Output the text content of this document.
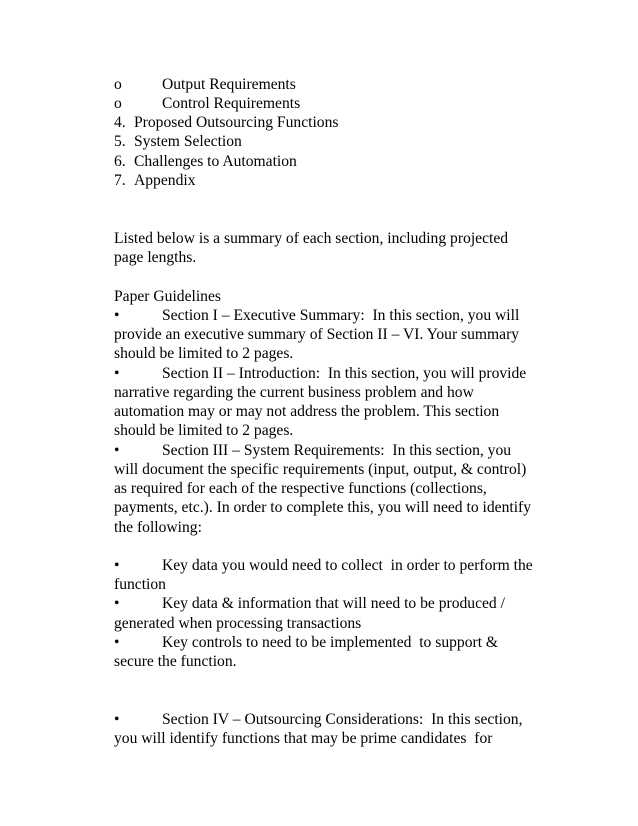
o	Output Requirements
o	Control Requirements
4. Proposed Outsourcing Functions
5. System Selection
6. Challenges to Automation
7. Appendix
Listed below is a summary of each section, including projected
page lengths.
Paper Guidelines
•	Section I – Executive Summary:  In this section, you will
provide an executive summary of Section II – VI. Your summary
should be limited to 2 pages.
•	Section II – Introduction:  In this section, you will provide
narrative regarding the current business problem and how
automation may or may not address the problem. This section
should be limited to 2 pages.
•	Section III – System Requirements:  In this section, you
will document the specific requirements (input, output, & control)
as required for each of the respective functions (collections,
payments, etc.). In order to complete this, you will need to identify
the following:
•	Key data you would need to collect  in order to perform the
function
•	Key data & information that will need to be produced /
generated when processing transactions
•	Key controls to need to be implemented  to support &
secure the function.
•	Section IV – Outsourcing Considerations:  In this section,
you will identify functions that may be prime candidates  for
